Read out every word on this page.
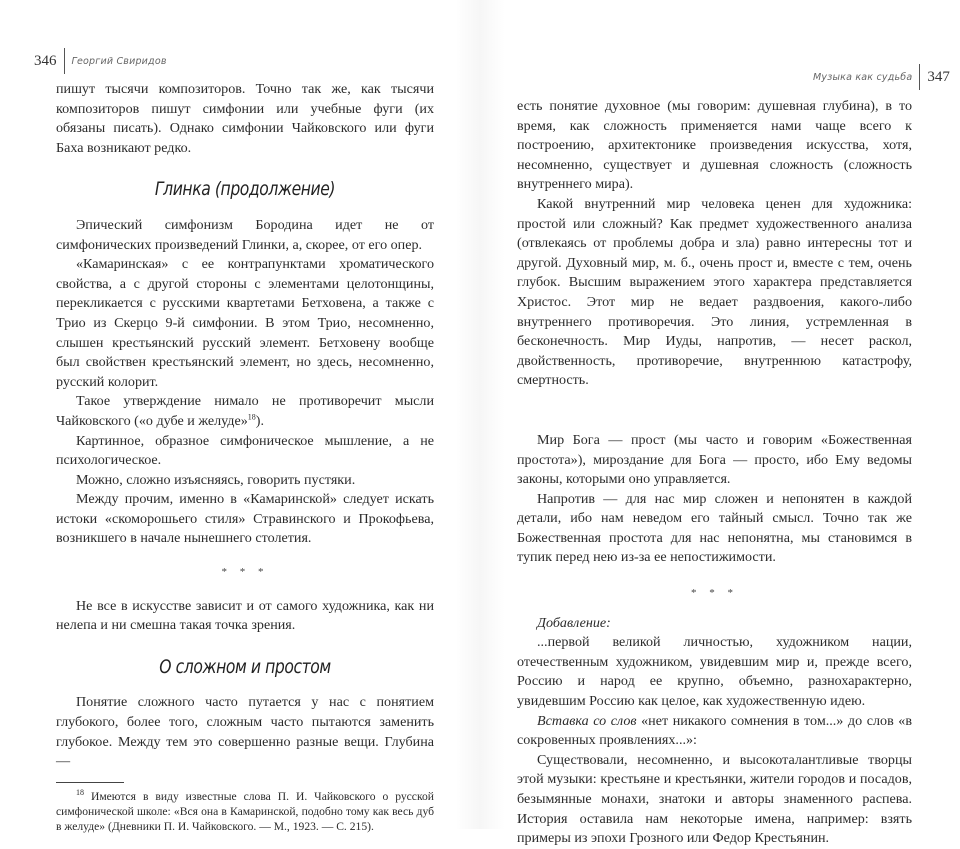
346 Георгий Свиридов

пишут тысячи композиторов. Точно так же, как тысячи композиторов пишут симфонии или учебные фуги (их обязаны писать). Однако симфонии Чайковского или фуги Баха возникают редко.

Глинка (продолжение)

Эпический симфонизм Бородина идет не от симфонических произведений Глинки, а, скорее, от его опер.

«Камаринская» с ее контрапунктами хроматического свойства, а с другой стороны с элементами целотонщины, перекликается с русскими квартетами Бетховена, а также с Трио из Скерцо 9-й симфонии. В этом Трио, несомненно, слышен крестьянский русский элемент. Бетховену вообще был свойствен крестьянский элемент, но здесь, несомненно, русский колорит.

Такое утверждение нимало не противоречит мысли Чайковского («о дубе и желуде»$^{18}$).

Картинное, образное симфоническое мышление, а не психологическое.

Можно, сложно изъясняясь, говорить пустяки.

Между прочим, именно в «Камаринской» следует искать истоки «скоморошьего стиля» Стравинского и Прокофьева, возникшего в начале нынешнего столетия.

* * *

Не все в искусстве зависит и от самого художника, как ни нелепа и ни смешна такая точка зрения.

О сложном и простом

Понятие сложного часто путается у нас с понятием глубокого, более того, сложным часто пытаются заменить глубокое. Между тем это совершенно разные вещи. Глубина —

$^{18}$ Имеются в виду известные слова П. И. Чайковского о русской симфонической школе: «Вся она в Камаринской, подобно тому как весь дуб в желуде» (Дневники П. И. Чайковского. — М., 1923. — С. 215).

Музыка как судьба 347

есть понятие духовное (мы говорим: душевная глубина), в то время, как сложность применяется нами чаще всего к построению, архитектонике произведения искусства, хотя, несомненно, существует и душевная сложность (сложность внутреннего мира).

Какой внутренний мир человека ценен для художника: простой или сложный? Как предмет художественного анализа (отвлекаясь от проблемы добра и зла) равно интересны тот и другой. Духовный мир, м. б., очень прост и, вместе с тем, очень глубок. Высшим выражением этого характера представляется Христос. Этот мир не ведает раздвоения, какого-либо внутреннего противоречия. Это линия, устремленная в бесконечность. Мир Иуды, напротив, — несет раскол, двойственность, противоречие, внутреннюю катастрофу, смертность.

Мир Бога — прост (мы часто и говорим «Божественная простота»), мироздание для Бога — просто, ибо Ему ведомы законы, которыми оно управляется.

Напротив — для нас мир сложен и непонятен в каждой детали, ибо нам неведом его тайный смысл. Точно так же Божественная простота для нас непонятна, мы становимся в тупик перед нею из-за ее непостижимости.

* * *

Добавление:

...первой великой личностью, художником нации, отечественным художником, увидевшим мир и, прежде всего, Россию и народ ее крупно, объемно, разнохарактерно, увидевшим Россию как целое, как художественную идею.

Вставка со слов «нет никакого сомнения в том...» до слов «в сокровенных проявлениях...»:

Существовали, несомненно, и высокоталантливые творцы этой музыки: крестьяне и крестьянки, жители городов и посадов, безымянные монахи, знатоки и авторы знаменного распева. История оставила нам некоторые имена, например: взять примеры из эпохи Грозного или Федор Крестьянин.
